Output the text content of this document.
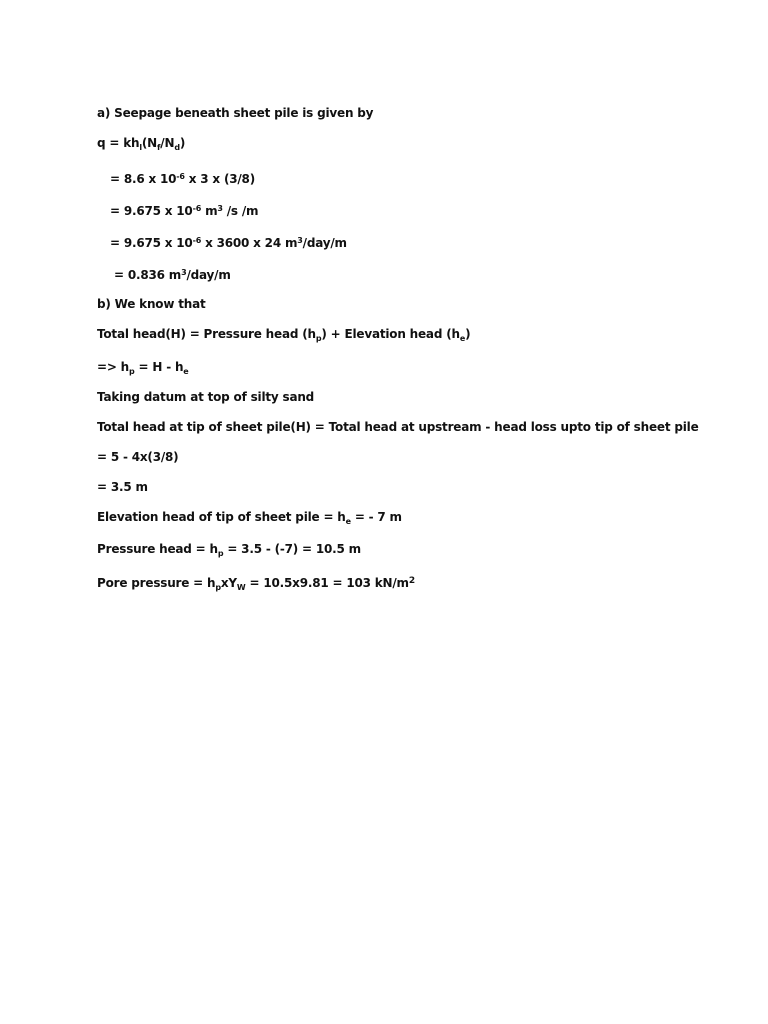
a) Seepage beneath sheet pile is given by
$q = kh_l(N_f/N_d)$
= 8.6 x $10^{-6}$ x 3 x (3/8)
= 9.675 x $10^{-6}$ $m^3$ /s /m
= 9.675 x $10^{-6}$ x 3600 x 24 $m^3/day/m$
= 0.836 $m^3/day/m$
b) We know that
Total head(H) = Pressure head $(h_p)$ + Elevation head $(h_e)$
=> $h_p = H - h_e$
Taking datum at top of silty sand
Total head at tip of sheet pile(H) = Total head at upstream - head loss upto tip of sheet pile
= 5 - 4x(3/8)
= 3.5 m
Elevation head of tip of sheet pile = $h_e$ = - 7 m
Pressure head = $h_p = 3.5 - (-7) = 10.5$ m
Pore pressure = $h_pxY_W = 10.5x9.81 = 103$ $kN/m^2$
